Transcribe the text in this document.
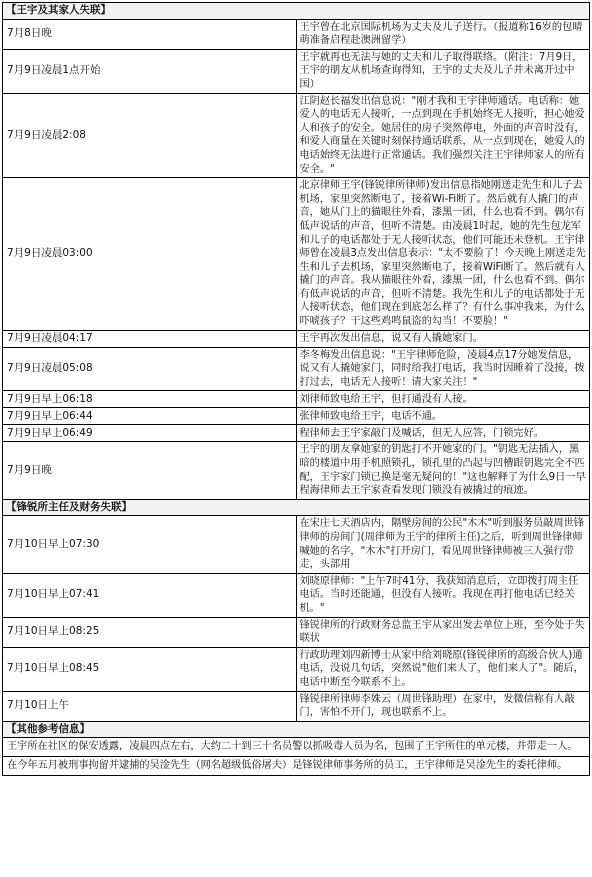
【王宇及其家人失联】	
7月8日晚	王宇曾在北京国际机场为丈夫及儿子送行。（报道称16岁的包晴萌准备启程赴澳洲留学）
7月9日凌晨1点开始	王宇就再也无法与她的丈夫和儿子取得联络。（附注：7月9日，王宇的朋友从机场查询得知，王宇的丈夫及儿子并未离开过中国）
7月9日凌晨2:08	江阴赵长福发出信息说："刚才我和王宇律师通话。电话称：她爱人的电话无人接听，一点到现在手机始终无人接听，担心她爱人和孩子的安全。她居住的房子突然停电，外面的声音时没有，和爱人商量在关键时刻保持通话联系，从一点到现在，她爱人的电话始终无法进行正常通话。我们强烈关注王宇律师家人的所有安全。"
7月9日凌晨03:00	北京律师王宇(锋锐律所律师)发出信息指她刚送走先生和儿子去机场，家里突然断电了，接着Wi-Fi断了。然后就有人撬门的声音，她从门上的猫眼往外看，漆黑一团，什么也看不到。偶尔有低声说话的声音，但听不清楚。由凌晨1时起，她的先生包龙军和儿子的电话都处于无人接听状态，他们可能还未登机。王宇律师曾在凌晨3点发出信息表示："太不要脸了！今天晚上刚送走先生和儿子去机场，家里突然断电了，接着WiFi断了。然后就有人撬门的声音。我从猫眼往外看，漆黑一团，什么也看不到。偶尔有低声说话的声音，但听不清楚。我先生和儿子的电话都处于无人接听状态，他们现在到底怎么样了？有什么事冲我来，为什么吓唬孩子？干这些鸡鸣鼠盗的勾当！不要脸！"
7月9日凌晨04:17	王宇再次发出信息，说又有人撬她家门。
7月9日凌晨05:08	李冬梅发出信息说："王宇律师危险，凌晨4点17分她发信息，说又有人撬她家门，同时给我打电话，我当时因睡着了没接，拨打过去，电话无人接听！请大家关注！"
7月9日早上06:18	刘律师致电给王宇，但打通没有人接。
7月9日早上06:44	张律师致电给王宇，电话不通。
7月9日早上06:49	程律师去王宇家敲门及喊话，但无人应答，门锁完好。
7月9日晚	王宇的朋友拿她家的钥匙打不开她家的门。"钥匙无法插入，黑暗的楼道中用手机照锁孔，锁孔里的凸起与凹槽跟钥匙完全不匹配，王宇家门锁已换是毫无疑问的！"这也解释了为什么9日一早程海律师去王宇家查看发现门锁没有被撬过的痕迹。
【锋锐所主任及财务失联】	
7月10日早上07:30	在宋庄七天酒店内，隔壁房间的公民"木木"听到服务员敲周世锋律师的房间门(周律师为王宇的律所主任)之后，听到周世锋律师喊她的名字，"木木"打开房门，看见周世锋律师被三人强行带走，头部用
7月10日早上07:41	刘晓原律师："上午7时41分，我获知消息后，立即拨打周主任电话。当时还能通，但没有人接听。我现在再打他电话已经关机。"
7月10日早上08:25	锋锐律所的行政财务总监王宇从家出发去单位上班，至今处于失联状
7月10日早上08:45	行政助理刘四新博士从家中给刘晓原(锋锐律所的高级合伙人)通电话，没说几句话，突然说"他们来人了，他们来人了"。随后，电话中断至今联系不上。
7月10日上午	锋锐律所律师李姝云（周世锋助理）在家中，发微信称有人敲门，害怕不开门，现也联系不上。
【其他参考信息】	
王宇所在社区的保安透露，凌晨四点左右，大约二十到三十名员警以抓吸毒人员为名，包围了王宇所住的单元楼，并带走一人。	
在今年五月被刑事拘留并逮捕的吴淦先生（网名超级低俗屠夫）是锋锐律师事务所的员工，王宇律师是吴淦先生的委托律师。	
